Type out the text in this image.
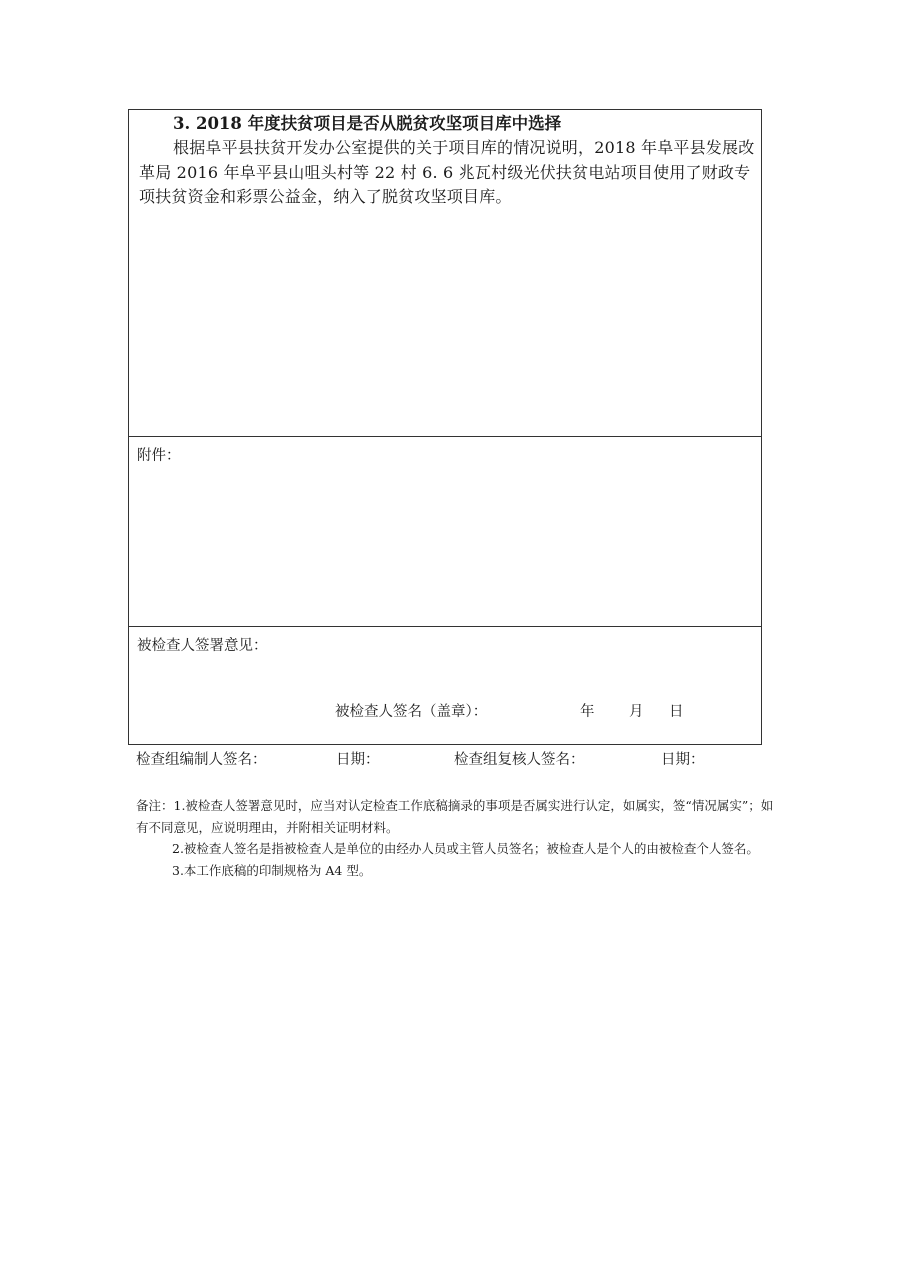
3. 2018 年度扶贫项目是否从脱贫攻坚项目库中选择

根据阜平县扶贫开发办公室提供的关于项目库的情况说明，2018 年阜平县发展改革局 2016 年阜平县山咀头村等 22 村 6. 6 兆瓦村级光伏扶贫电站项目使用了财政专项扶贫资金和彩票公益金，纳入了脱贫攻坚项目库。

附件：
被检查人签署意见：
被检查人签名（盖章）：	年 月 日
检查组编制人签名：	日期：	检查组复核人签名：	日期：

备注：1.被检查人签署意见时，应当对认定检查工作底稿摘录的事项是否属实进行认定，如属实，签“情况属实”；如有不同意见，应说明理由，并附相关证明材料。

2.被检查人签名是指被检查人是单位的由经办人员或主管人员签名；被检查人是个人的由被检查个人签名。

3.本工作底稿的印制规格为 A4 型。
